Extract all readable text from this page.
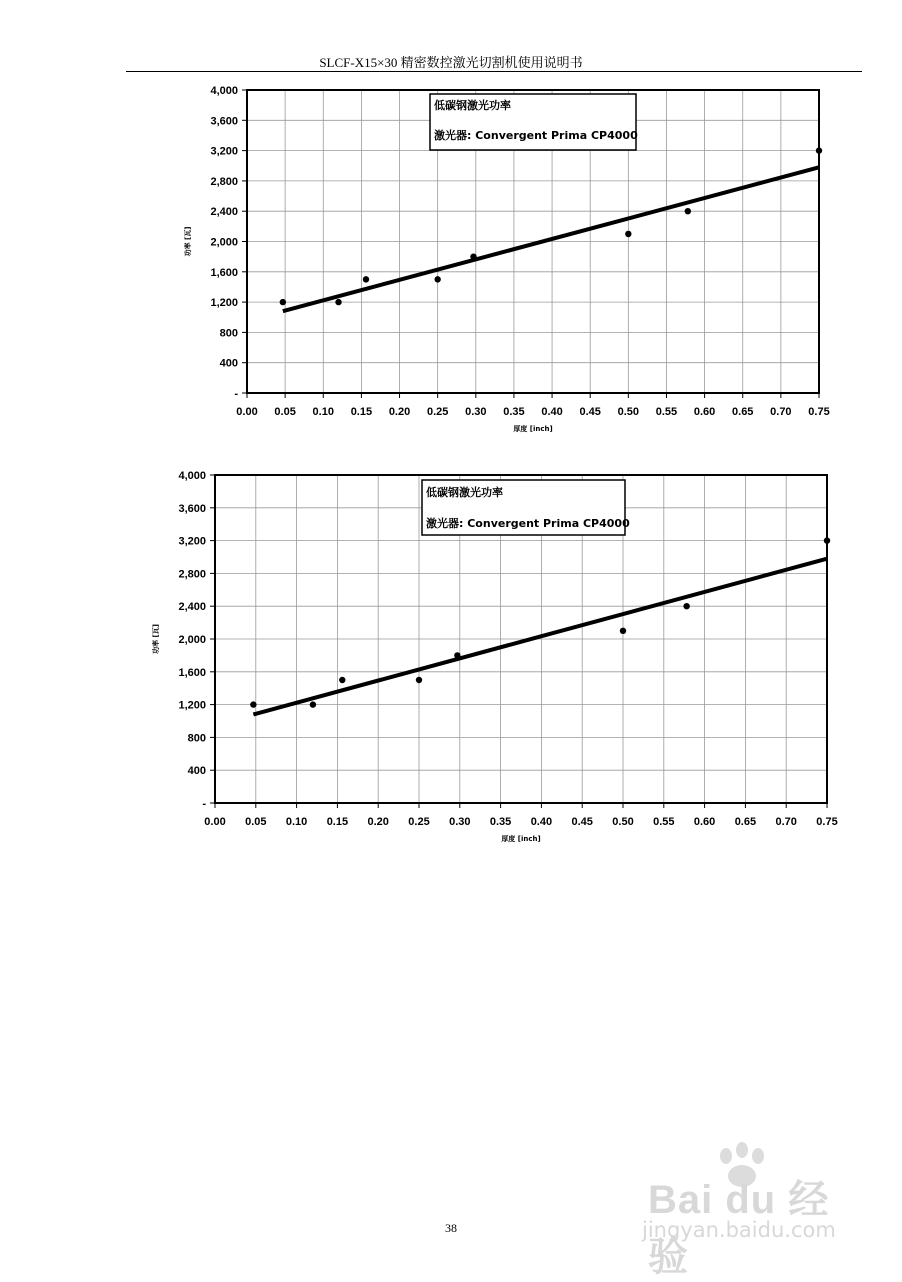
SLCF-X15×30 精密数控激光切割机使用说明书
-
400
800
1,200
1,600
2,000
2,400
2,800
3,200
3,600
4,000
0.00 0.05 0.10 0.15 0.20 0.25 0.30 0.35 0.40 0.45 0.50 0.55 0.60 0.65 0.70 0.75
厚度 [inch]
功率 [瓦]
低碳钢激光功率
激光器: Convergent Prima CP4000
-
400
800
1,200
1,600
2,000
2,400
2,800
3,200
3,600
4,000
0.00 0.05 0.10 0.15 0.20 0.25 0.30 0.35 0.40 0.45 0.50 0.55 0.60 0.65 0.70 0.75
厚度 [inch]
功率 [瓦]
低碳钢激光功率
激光器: Convergent Prima CP4000
Bai du 经验
jingyan.baidu.com
38
